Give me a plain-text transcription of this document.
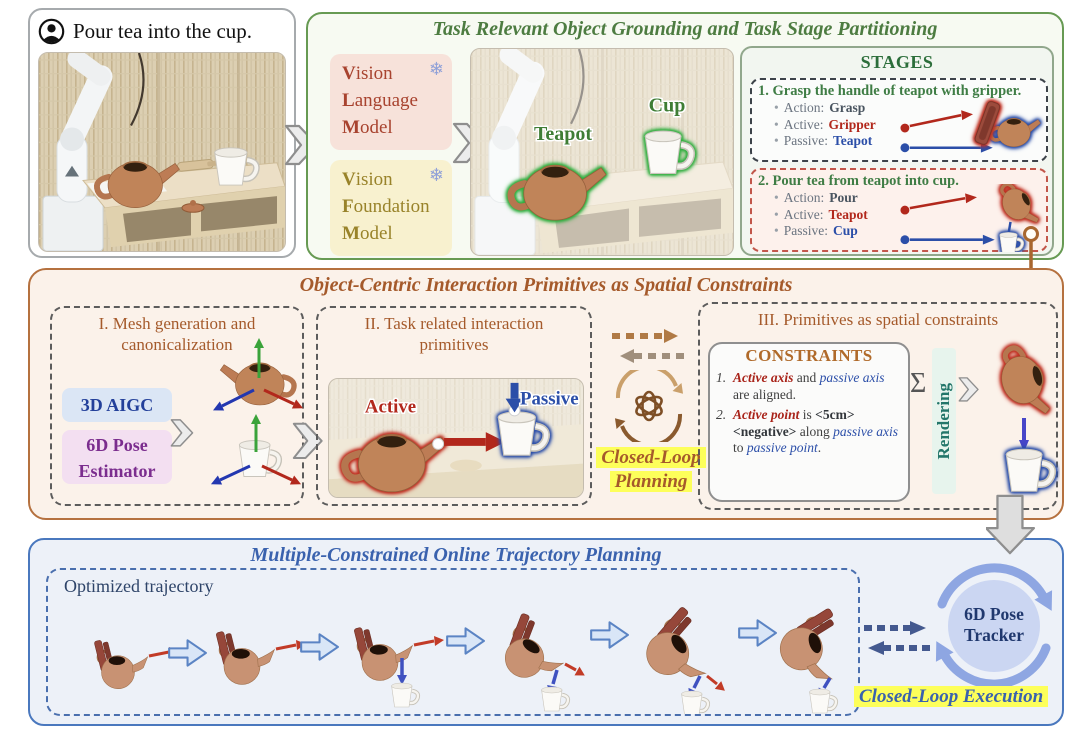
Pour tea into the cup.	Task Relevant Object Grounding and Task Stage Partitioning
❄
Vision
Language
Model
❄
Vision
Foundation
Model
Teapot
Cup
STAGES
1. Grasp the handle of teapot with gripper.
• Action: Grasp
• Active: Gripper
• Passive: Teapot
2. Pour tea from teapot into cup.
• Action: Pour
• Active: Teapot
• Passive: Cup
Object-Centric Interaction Primitives as Spatial Constraints
I. Mesh generation and
canonicalization
3D AIGC
6D Pose
Estimator
II. Task related interaction
primitives
Active	Passive
Closed-Loop
Planning
III. Primitives as spatial constraints
CONSTRAINTS
1. Active axis and passive axis are aligned.
2. Active point is <5cm> <negative> along passive axis to passive point.
Σ Rendering
Multiple-Constrained Online Trajectory Planning
Optimized trajectory
6D Pose
Tracker
Closed-Loop Execution
